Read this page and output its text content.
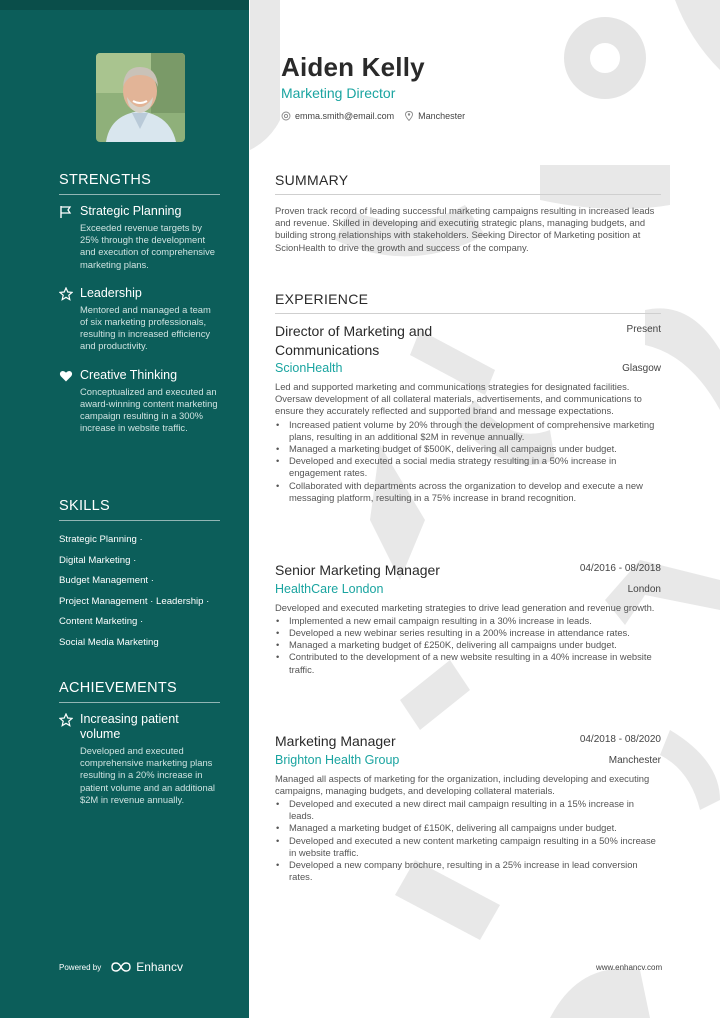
STRENGTHS
Strategic Planning
Exceeded revenue targets by 25% through the development and execution of comprehensive marketing plans.
Leadership
Mentored and managed a team of six marketing professionals, resulting in increased efficiency and productivity.
Creative Thinking
Conceptualized and executed an award-winning content marketing campaign resulting in a 300% increase in website traffic.
SKILLS
Strategic Planning ·
Digital Marketing ·
Budget Management ·
Project Management · Leadership ·
Content Marketing ·
Social Media Marketing
ACHIEVEMENTS
Increasing patient volume
Developed and executed comprehensive marketing plans resulting in a 20% increase in patient volume and an additional $2M in revenue annually.
Powered by	Enhancv
Aiden Kelly
Marketing Director
emma.smith@email.com	Manchester
SUMMARY
Proven track record of leading successful marketing campaigns resulting in increased leads and revenue. Skilled in developing and executing strategic plans, managing budgets, and building strong relationships with stakeholders. Seeking Director of Marketing position at ScionHealth to drive the growth and success of the company.
EXPERIENCE
Director of Marketing and Communications
Present
ScionHealth	Glasgow
Led and supported marketing and communications strategies for designated facilities. Oversaw development of all collateral materials, advertisements, and communications to ensure they accurately reflected and supported brand and message expectations.
• Increased patient volume by 20% through the development of comprehensive marketing plans, resulting in an additional $2M in revenue annually.
• Managed a marketing budget of $500K, delivering all campaigns under budget.
• Developed and executed a social media strategy resulting in a 50% increase in engagement rates.
• Collaborated with departments across the organization to develop and execute a new messaging platform, resulting in a 75% increase in brand recognition.
Senior Marketing Manager	04/2016 - 08/2018
HealthCare London	London
Developed and executed marketing strategies to drive lead generation and revenue growth.
• Implemented a new email campaign resulting in a 30% increase in leads.
• Developed a new webinar series resulting in a 200% increase in attendance rates.
• Managed a marketing budget of £250K, delivering all campaigns under budget.
• Contributed to the development of a new website resulting in a 40% increase in website traffic.
Marketing Manager	04/2018 - 08/2020
Brighton Health Group	Manchester
Managed all aspects of marketing for the organization, including developing and executing campaigns, managing budgets, and developing collateral materials.
• Developed and executed a new direct mail campaign resulting in a 15% increase in leads.
• Managed a marketing budget of £150K, delivering all campaigns under budget.
• Developed and executed a new content marketing campaign resulting in a 50% increase in website traffic.
• Developed a new company brochure, resulting in a 25% increase in lead conversion rates.
www.enhancv.com
